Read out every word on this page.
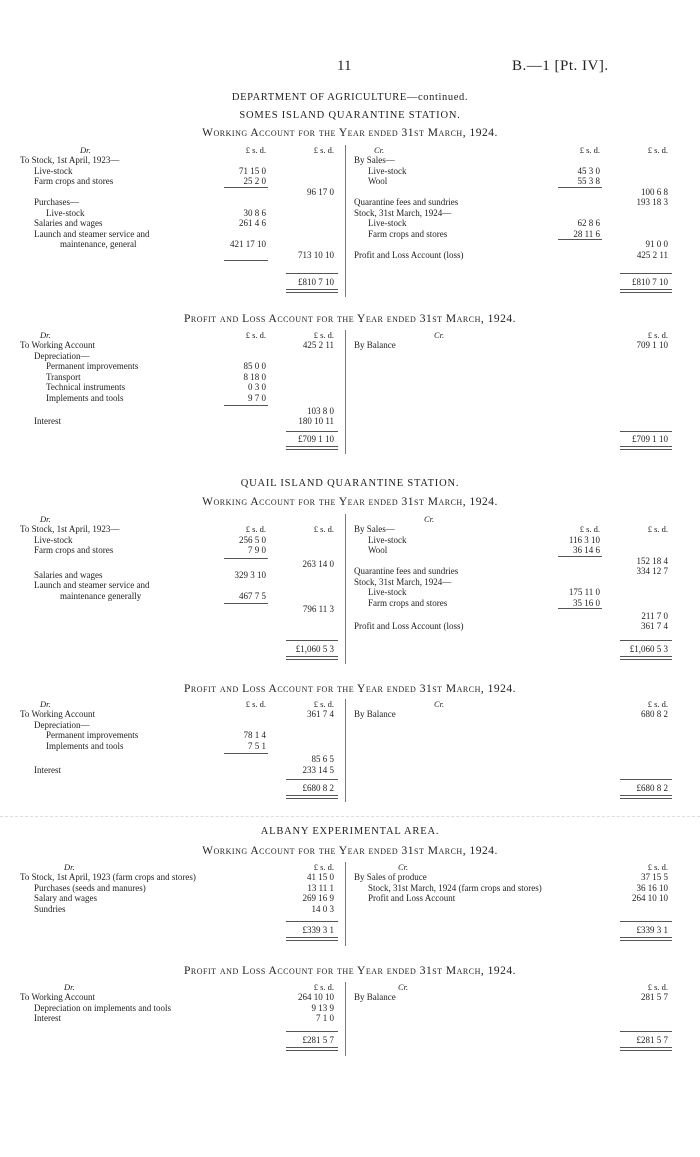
11	B.—1 [Pt. IV].
DEPARTMENT OF AGRICULTURE—continued.
SOMES ISLAND QUARANTINE STATION.
Working Account for the Year ended 31st March, 1924.
Dr.	£ s. d.	£ s. d.
To Stock, 1st April, 1923—
Live-stock	71 15 0
Farm crops and stores	25 2 0
96 17 0
Purchases—
Live-stock	30 8 6
Salaries and wages	261 4 6
Launch and steamer service and
maintenance, general	421 17 10
713 10 10
£810 7 10
Cr.	£ s. d.	£ s. d.
By Sales—
Live-stock	45 3 0
Wool	55 3 8
100 6 8
Quarantine fees and sundries	193 18 3
Stock, 31st March, 1924—
Live-stock	62 8 6
Farm crops and stores	28 11 6
91 0 0
Profit and Loss Account (loss)	425 2 11
£810 7 10
Profit and Loss Account for the Year ended 31st March, 1924.
Dr.	£ s. d.	£ s. d.
To Working Account	425 2 11
Depreciation—
Permanent improvements	85 0 0
Transport	8 18 0
Technical instruments	0 3 0
Implements and tools	9 7 0
103 8 0
Interest	180 10 11
£709 1 10
Cr.	£ s. d.
By Balance	709 1 10
£709 1 10
QUAIL ISLAND QUARANTINE STATION.
Working Account for the Year ended 31st March, 1924.
Dr.
£ s. d.	£ s. d.
To Stock, 1st April, 1923—
Live-stock	256 5 0
Farm crops and stores	7 9 0
263 14 0
Salaries and wages	329 3 10
Launch and steamer service and
maintenance generally	467 7 5
796 11 3
£1,060 5 3
Cr.
£ s. d.	£ s. d.
By Sales—
Live-stock	116 3 10
Wool	36 14 6
152 18 4
Quarantine fees and sundries	334 12 7
Stock, 31st March, 1924—
Live-stock	175 11 0
Farm crops and stores	35 16 0
211 7 0
Profit and Loss Account (loss)	361 7 4
£1,060 5 3
Profit and Loss Account for the Year ended 31st March, 1924.
Dr.	£ s. d.	£ s. d.
To Working Account	361 7 4
Depreciation—
Permanent improvements	78 1 4
Implements and tools	7 5 1
85 6 5
Interest	233 14 5
£680 8 2
Cr.	£ s. d.
By Balance	680 8 2
£680 8 2
ALBANY EXPERIMENTAL AREA.
Working Account for the Year ended 31st March, 1924.
Dr.	£ s. d.
To Stock, 1st April, 1923 (farm crops and stores)	41 15 0
Purchases (seeds and manures)	13 11 1
Salary and wages	269 16 9
Sundries	14 0 3
£339 3 1
Cr.	£ s. d.
By Sales of produce	37 15 5
Stock, 31st March, 1924 (farm crops and stores)	36 16 10
Profit and Loss Account	264 10 10
£339 3 1
Profit and Loss Account for the Year ended 31st March, 1924.
Dr.	£ s. d.
To Working Account	264 10 10
Depreciation on implements and tools	9 13 9
Interest	7 1 0
£281 5 7
Cr.	£ s. d.
By Balance	281 5 7
£281 5 7
